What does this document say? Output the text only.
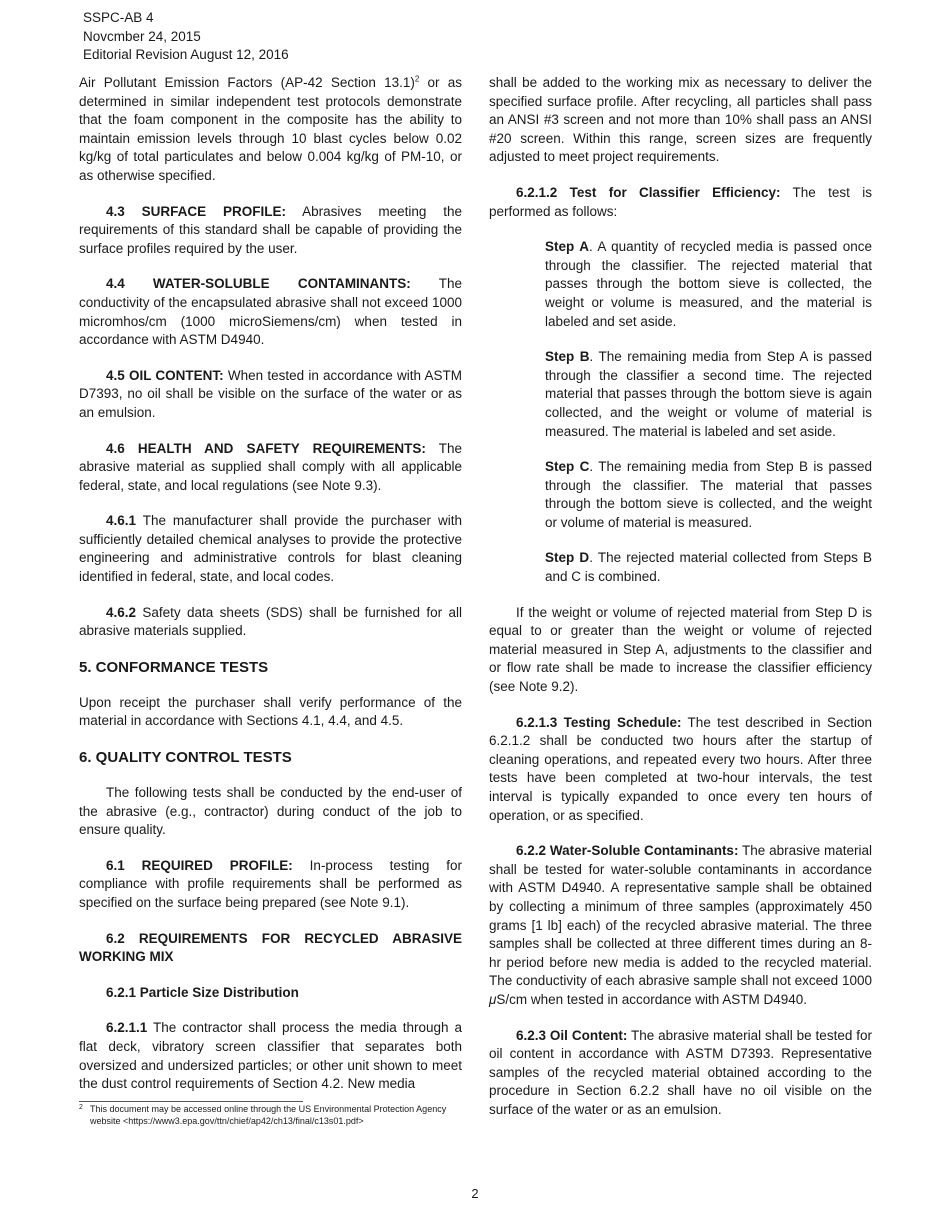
SSPC-AB 4
Novcmber 24, 2015
Editorial Revision August 12, 2016

Air Pollutant Emission Factors (AP-42 Section 13.1)$^2$ or as determined in similar independent test protocols demonstrate that the foam component in the composite has the ability to maintain emission levels through 10 blast cycles below 0.02 kg/kg of total particulates and below 0.004 kg/kg of PM-10, or as otherwise specified.

4.3 SURFACE PROFILE: Abrasives meeting the requirements of this standard shall be capable of providing the surface profiles required by the user.

4.4 WATER-SOLUBLE CONTAMINANTS: The conductivity of the encapsulated abrasive shall not exceed 1000 micromhos/cm (1000 microSiemens/cm) when tested in accordance with ASTM D4940.

4.5 OIL CONTENT: When tested in accordance with ASTM D7393, no oil shall be visible on the surface of the water or as an emulsion.

4.6 HEALTH AND SAFETY REQUIREMENTS: The abrasive material as supplied shall comply with all applicable federal, state, and local regulations (see Note 9.3).

4.6.1 The manufacturer shall provide the purchaser with sufficiently detailed chemical analyses to provide the protective engineering and administrative controls for blast cleaning identified in federal, state, and local codes.

4.6.2 Safety data sheets (SDS) shall be furnished for all abrasive materials supplied.

5. CONFORMANCE TESTS

Upon receipt the purchaser shall verify performance of the material in accordance with Sections 4.1, 4.4, and 4.5.

6. QUALITY CONTROL TESTS

The following tests shall be conducted by the end-user of the abrasive (e.g., contractor) during conduct of the job to ensure quality.

6.1 REQUIRED PROFILE: In-process testing for compliance with profile requirements shall be performed as specified on the surface being prepared (see Note 9.1).

6.2 REQUIREMENTS FOR RECYCLED ABRASIVE WORKING MIX

6.2.1 Particle Size Distribution

6.2.1.1 The contractor shall process the media through a flat deck, vibratory screen classifier that separates both oversized and undersized particles; or other unit shown to meet the dust control requirements of Section 4.2. New media

2 This document may be accessed online through the US Environmental Protection Agency website <https://www3.epa.gov/ttn/chief/ap42/ch13/final/c13s01.pdf>

shall be added to the working mix as necessary to deliver the specified surface profile. After recycling, all particles shall pass an ANSI #3 screen and not more than 10% shall pass an ANSI #20 screen. Within this range, screen sizes are frequently adjusted to meet project requirements.

6.2.1.2 Test for Classifier Efficiency: The test is performed as follows:

Step A. A quantity of recycled media is passed once through the classifier. The rejected material that passes through the bottom sieve is collected, the weight or volume is measured, and the material is labeled and set aside.

Step B. The remaining media from Step A is passed through the classifier a second time. The rejected material that passes through the bottom sieve is again collected, and the weight or volume of material is measured. The material is labeled and set aside.

Step C. The remaining media from Step B is passed through the classifier. The material that passes through the bottom sieve is collected, and the weight or volume of material is measured.

Step D. The rejected material collected from Steps B and C is combined.

If the weight or volume of rejected material from Step D is equal to or greater than the weight or volume of rejected material measured in Step A, adjustments to the classifier and or flow rate shall be made to increase the classifier efficiency (see Note 9.2).

6.2.1.3 Testing Schedule: The test described in Section 6.2.1.2 shall be conducted two hours after the startup of cleaning operations, and repeated every two hours. After three tests have been completed at two-hour intervals, the test interval is typically expanded to once every ten hours of operation, or as specified.

6.2.2 Water-Soluble Contaminants: The abrasive material shall be tested for water-soluble contaminants in accordance with ASTM D4940. A representative sample shall be obtained by collecting a minimum of three samples (approximately 450 grams [1 lb] each) of the recycled abrasive material. The three samples shall be collected at three different times during an 8-hr period before new media is added to the recycled material. The conductivity of each abrasive sample shall not exceed 1000 μS/cm when tested in accordance with ASTM D4940.

6.2.3 Oil Content: The abrasive material shall be tested for oil content in accordance with ASTM D7393. Representative samples of the recycled material obtained according to the procedure in Section 6.2.2 shall have no oil visible on the surface of the water or as an emulsion.

2
